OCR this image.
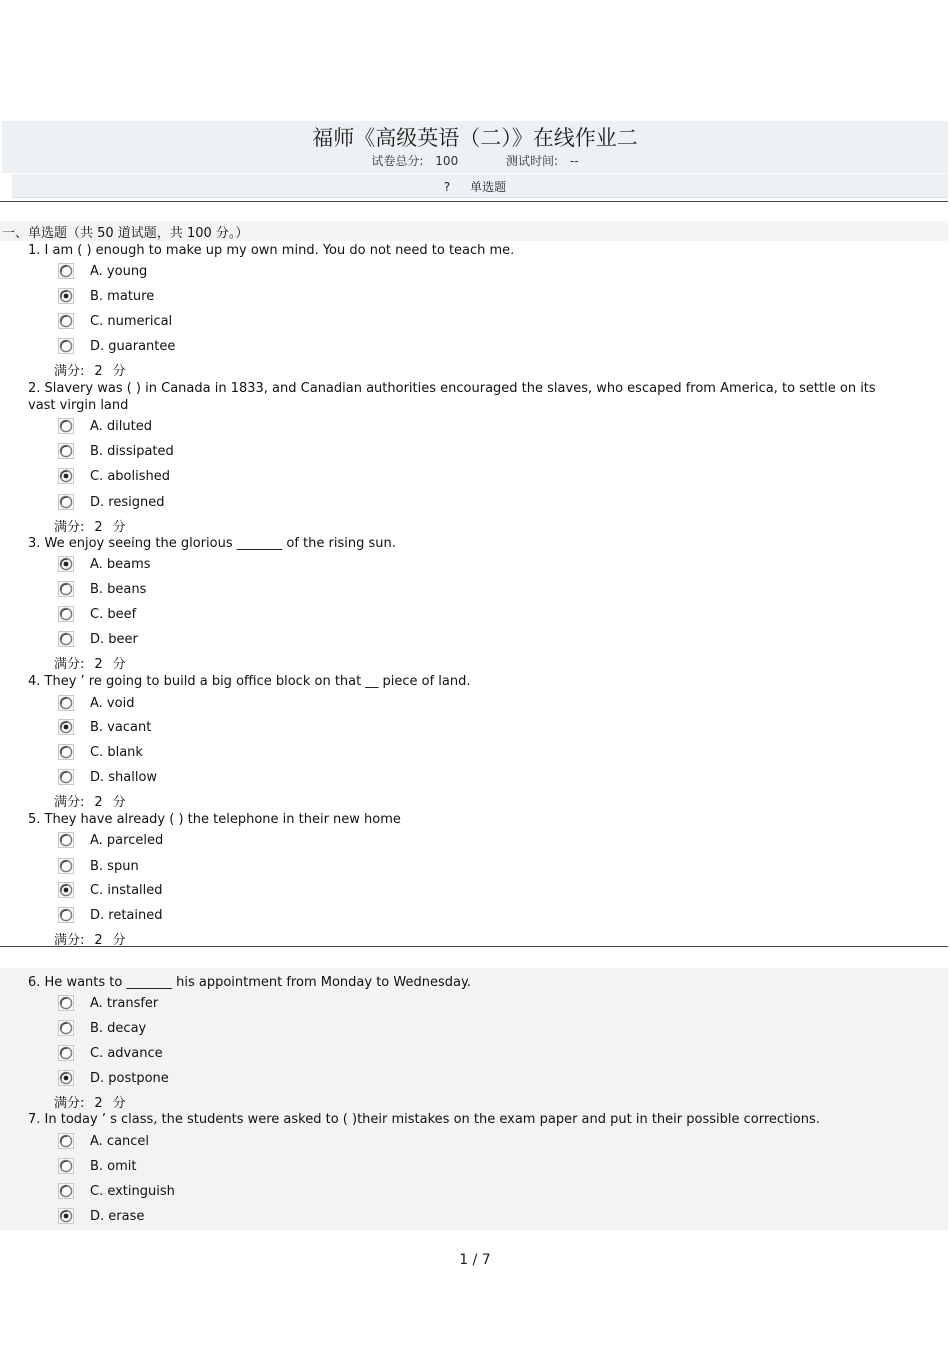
福师《高级英语（二）》在线作业二
试卷总分: 100	测试时间: --
? 单选题
一、单选题（共 50 道试题，共 100 分。）
1. I am ( ) enough to make up my own mind. You do not need to teach me.
A. young
B. mature
C. numerical
D. guarantee
满分: 2 分
2. Slavery was ( ) in Canada in 1833, and Canadian authorities encouraged the slaves, who escaped from America, to settle on its vast virgin land
A. diluted
B. dissipated
C. abolished
D. resigned
满分: 2 分
3. We enjoy seeing the glorious _______ of the rising sun.
A. beams
B. beans
C. beef
D. beer
满分: 2 分
4. They ’ re going to build a big office block on that __ piece of land.
A. void
B. vacant
C. blank
D. shallow
满分: 2 分
5. They have already ( ) the telephone in their new home
A. parceled
B. spun
C. installed
D. retained
满分: 2 分
6. He wants to _______ his appointment from Monday to Wednesday.
A. transfer
B. decay
C. advance
D. postpone
满分: 2 分
7. In today ’ s class, the students were asked to ( )their mistakes on the exam paper and put in their possible corrections.
A. cancel
B. omit
C. extinguish
D. erase
1 / 7
